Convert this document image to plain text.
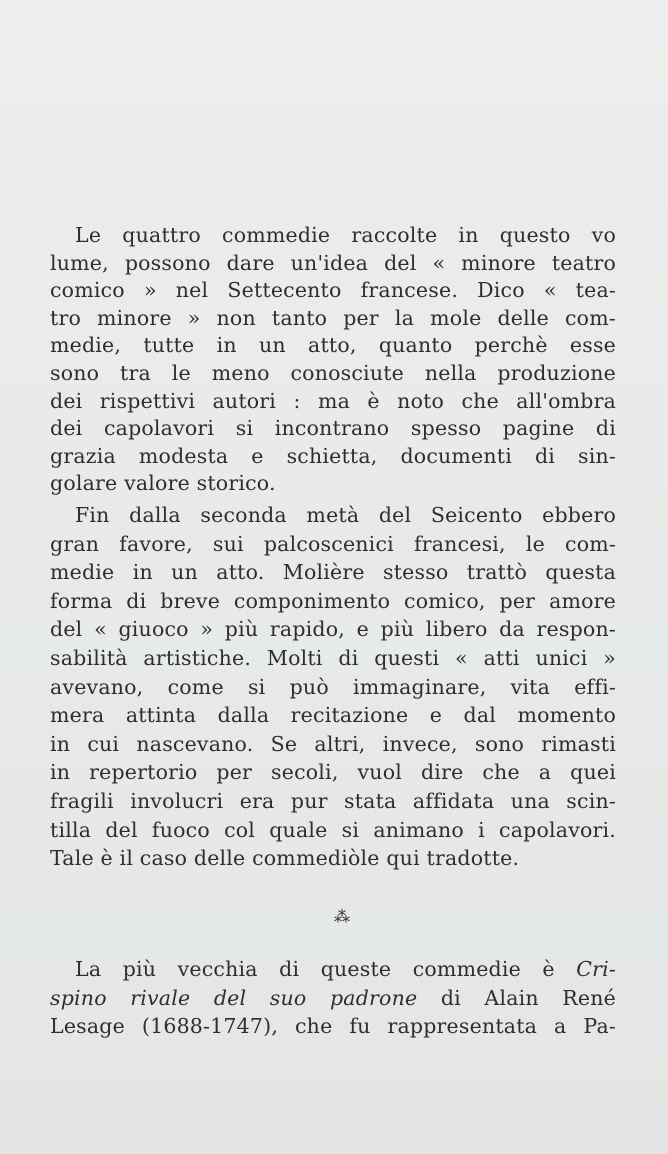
Le quattro commedie raccolte in questo vo
lume, possono dare un'idea del « minore teatro
comico » nel Settecento francese. Dico « tea-
tro minore » non tanto per la mole delle com-
medie, tutte in un atto, quanto perchè esse
sono tra le meno conosciute nella produzione
dei rispettivi autori : ma è noto che all'ombra
dei capolavori si incontrano spesso pagine di
grazia modesta e schietta, documenti di sin-
golare valore storico.
Fin dalla seconda metà del Seicento ebbero
gran favore, sui palcoscenici francesi, le com-
medie in un atto. Molière stesso trattò questa
forma di breve componimento comico, per amore
del « giuoco » più rapido, e più libero da respon-
sabilità artistiche. Molti di questi « atti unici »
avevano, come si può immaginare, vita effi-
mera attinta dalla recitazione e dal momento
in cui nascevano. Se altri, invece, sono rimasti
in repertorio per secoli, vuol dire che a quei
fragili involucri era pur stata affidata una scin-
tilla del fuoco col quale si animano i capolavori.
Tale è il caso delle commediòle qui tradotte.
⁂
La più vecchia di queste commedie è Cri-
spino rivale del suo padrone di Alain René
Lesage (1688-1747), che fu rappresentata a Pa-
